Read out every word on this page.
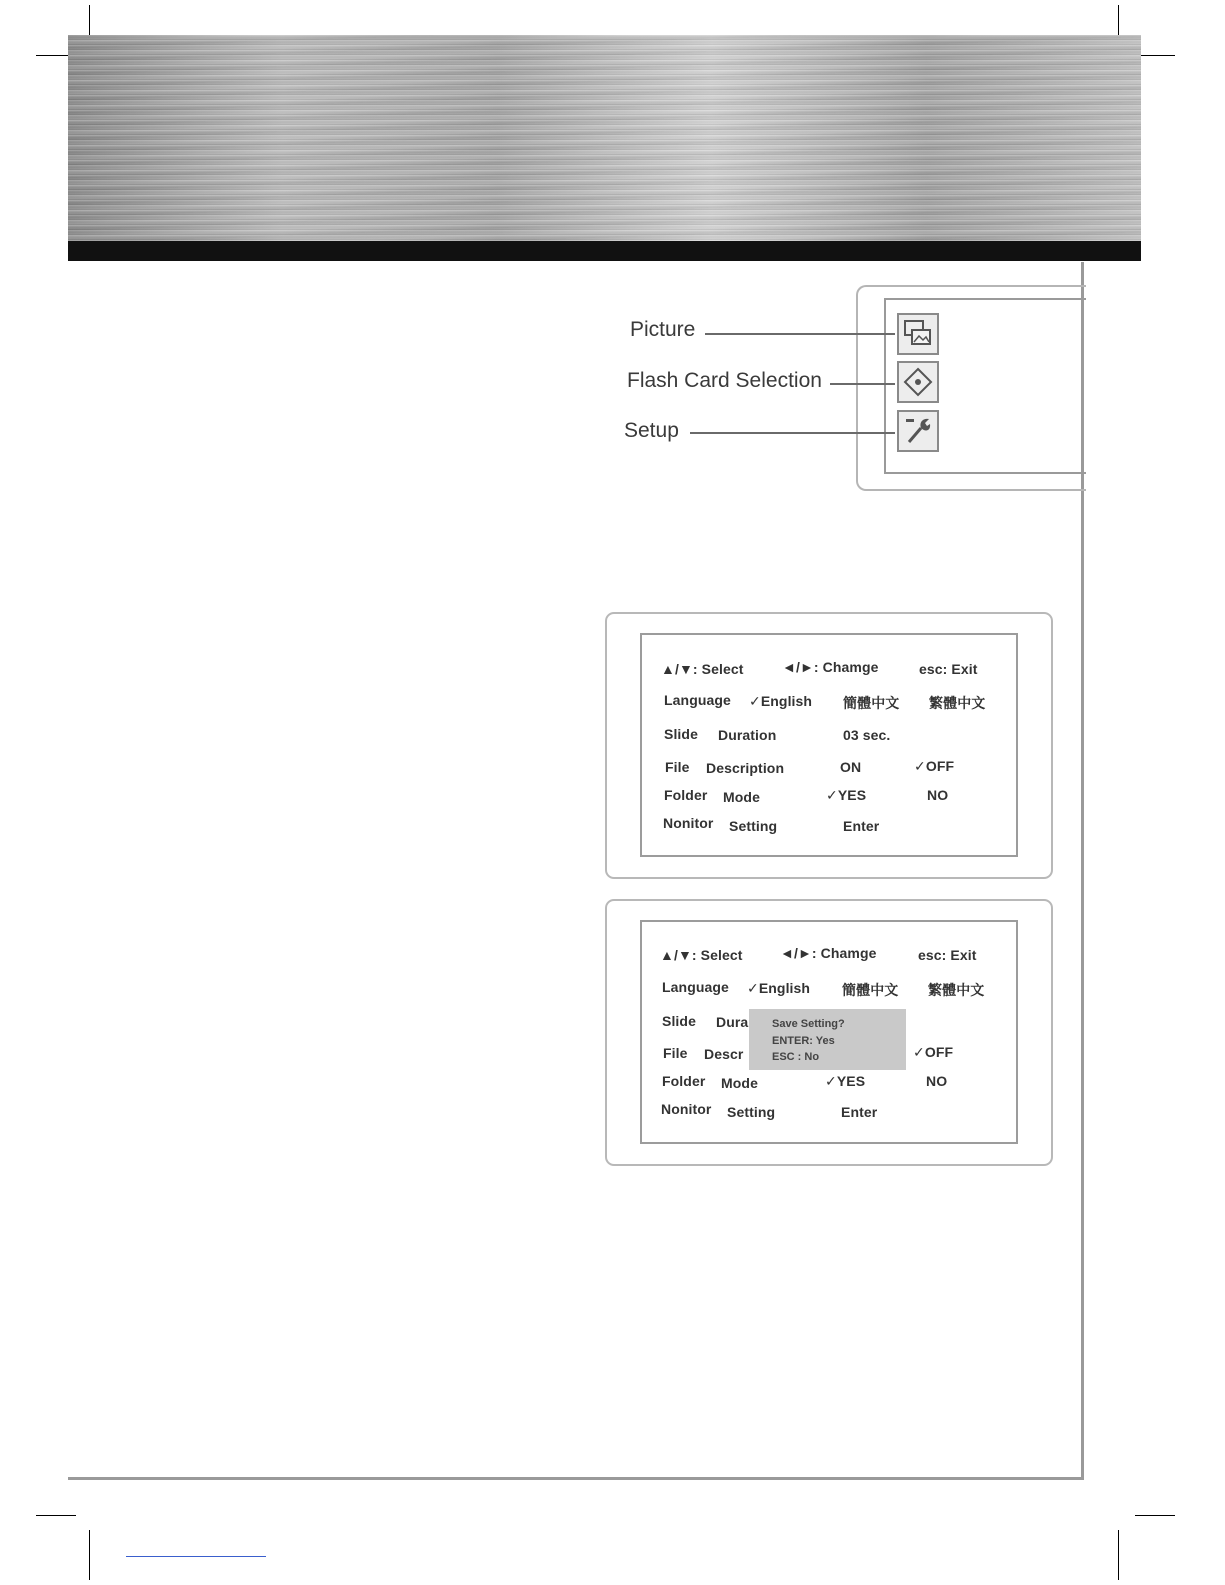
Picture
Flash Card Selection
Setup
▲/▼: Select	◄/►: Chamge	esc: Exit
Language ✓English 簡體中文 繁體中文
Slide Duration	03 sec.
File Description	ON	✓OFF
Folder Mode	✓YES	NO
Nonitor Setting	Enter
▲/▼: Select	◄/►: Chamge	esc: Exit
Language ✓English 簡體中文 繁體中文
Slide Dura
File Descr	✓OFF
Folder Mode	✓YES	NO
Nonitor Setting	Enter
Save Setting?
ENTER: Yes
ESC : No
